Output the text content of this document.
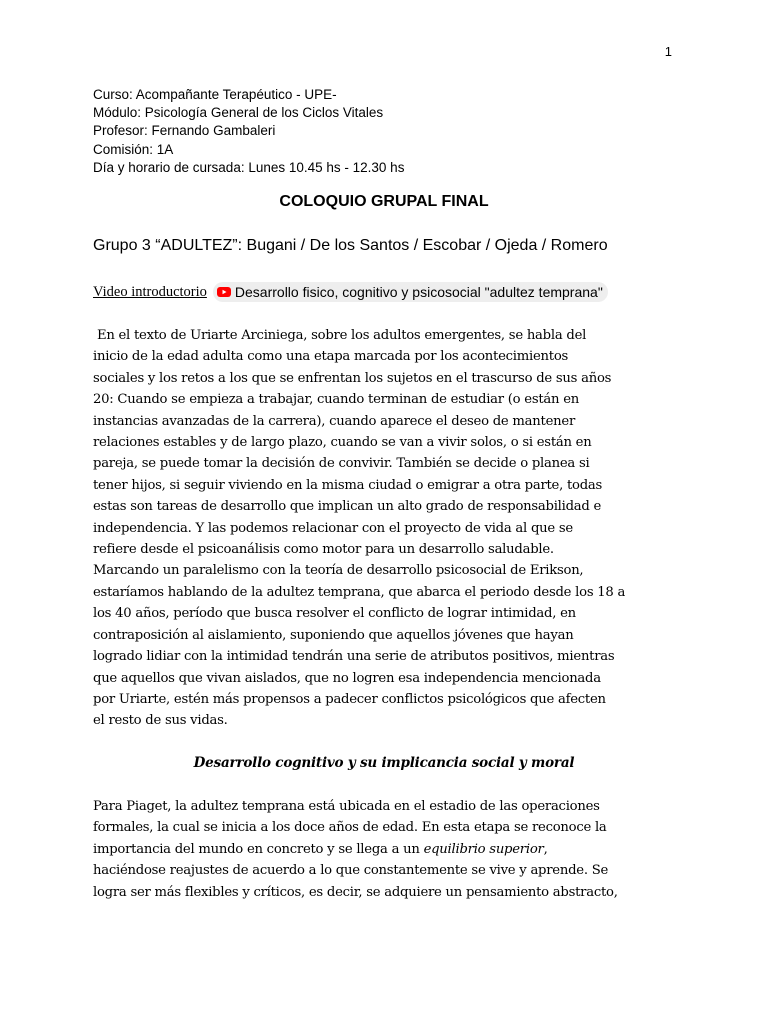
1
Curso: Acompañante Terapéutico - UPE-
Módulo: Psicología General de los Ciclos Vitales
Profesor: Fernando Gambaleri
Comisión: 1A
Día y horario de cursada: Lunes 10.45 hs - 12.30 hs
COLOQUIO GRUPAL FINAL
Grupo 3 “ADULTEZ”: Bugani / De los Santos / Escobar / Ojeda / Romero
Video introductorio Desarrollo fisico, cognitivo y psicosocial "adultez temprana"
En el texto de Uriarte Arciniega, sobre los adultos emergentes, se habla del
inicio de la edad adulta como una etapa marcada por los acontecimientos
sociales y los retos a los que se enfrentan los sujetos en el trascurso de sus años
20: Cuando se empieza a trabajar, cuando terminan de estudiar (o están en
instancias avanzadas de la carrera), cuando aparece el deseo de mantener
relaciones estables y de largo plazo, cuando se van a vivir solos, o si están en
pareja, se puede tomar la decisión de convivir. También se decide o planea si
tener hijos, si seguir viviendo en la misma ciudad o emigrar a otra parte, todas
estas son tareas de desarrollo que implican un alto grado de responsabilidad e
independencia. Y las podemos relacionar con el proyecto de vida al que se
refiere desde el psicoanálisis como motor para un desarrollo saludable.
Marcando un paralelismo con la teoría de desarrollo psicosocial de Erikson,
estaríamos hablando de la adultez temprana, que abarca el periodo desde los 18 a
los 40 años, período que busca resolver el conflicto de lograr intimidad, en
contraposición al aislamiento, suponiendo que aquellos jóvenes que hayan
logrado lidiar con la intimidad tendrán una serie de atributos positivos, mientras
que aquellos que vivan aislados, que no logren esa independencia mencionada
por Uriarte, estén más propensos a padecer conflictos psicológicos que afecten
el resto de sus vidas.
Desarrollo cognitivo y su implicancia social y moral
Para Piaget, la adultez temprana está ubicada en el estadio de las operaciones
formales, la cual se inicia a los doce años de edad. En esta etapa se reconoce la
importancia del mundo en concreto y se llega a un equilibrio superior,
haciéndose reajustes de acuerdo a lo que constantemente se vive y aprende. Se
logra ser más flexibles y críticos, es decir, se adquiere un pensamiento abstracto,
